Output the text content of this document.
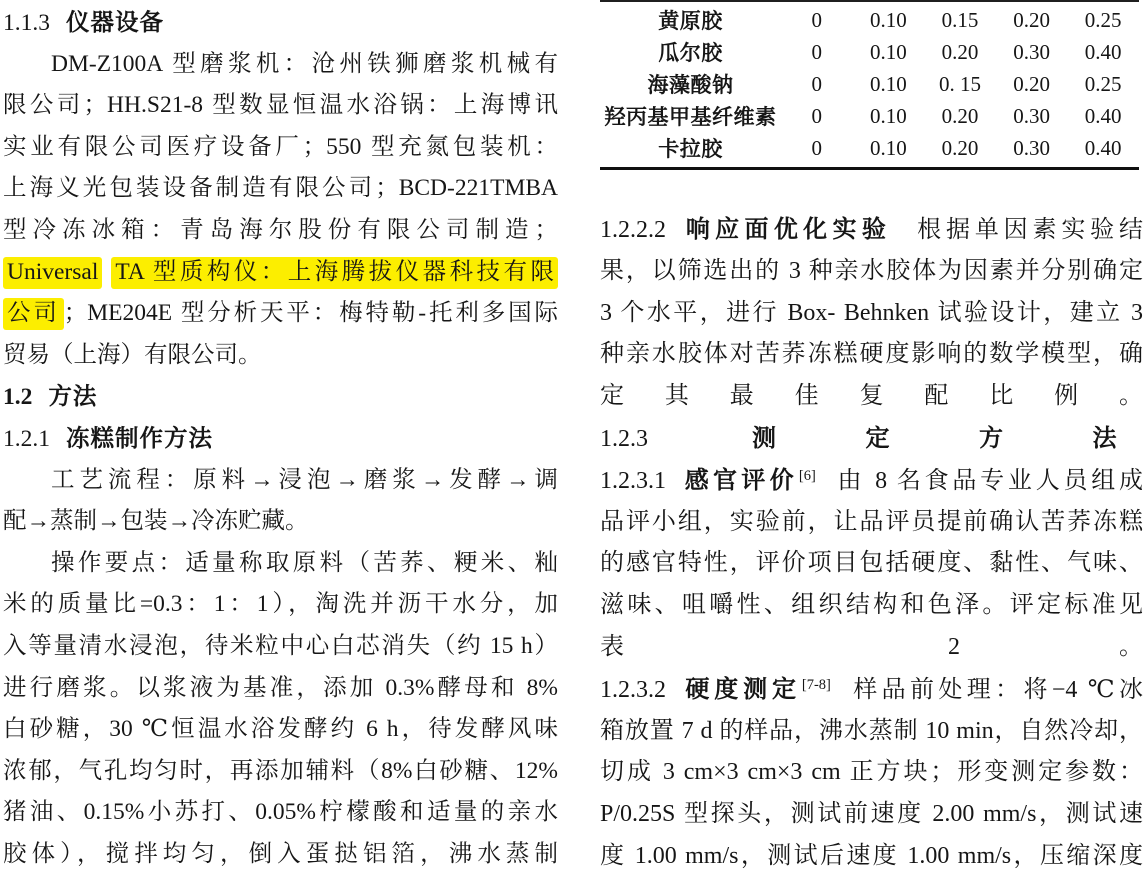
1.1.3 仪器设备
DM-Z100A 型磨浆机：沧州铁狮磨浆机械有
限公司；HH.S21-8 型数显恒温水浴锅：上海博讯
实业有限公司医疗设备厂；550 型充氮包装机：
上海义光包装设备制造有限公司；BCD-221TMBA
型冷冻冰箱：青岛海尔股份有限公司制造；
Universal TA 型质构仪：上海腾拔仪器科技有限
公司 ；ME204E 型分析天平：梅特勒-托利多国际
贸易（上海）有限公司。
1.2 方法
1.2.1 冻糕制作方法
工艺流程：原料→浸泡→磨浆→发酵→调
配→蒸制→包装→冷冻贮藏。
操作要点：适量称取原料（苦荞、粳米、籼
米的质量比=0.3：1：1），淘洗并沥干水分，加
入等量清水浸泡，待米粒中心白芯消失（约 15 h）
进行磨浆。以浆液为基准，添加 0.3%酵母和 8%
白砂糖，30 ℃恒温水浴发酵约 6 h，待发酵风味
浓郁，气孔均匀时，再添加辅料（8%白砂糖、12%
猪油、0.15%小苏打、0.05%柠檬酸和适量的亲水
胶体），搅拌均匀，倒入蛋挞铝箔，沸水蒸制
黄原胶	0	0.10	0.15	0.20	0.25
瓜尔胶	0	0.10	0.20	0.30	0.40
海藻酸钠	0	0.10	0. 15	0.20	0.25
羟丙基甲基纤维素	0	0.10	0.20	0.30	0.40
卡拉胶	0	0.10	0.20	0.30	0.40
1.2.2.2 响应面优化实验 根据单因素实验结
果，以筛选出的 3 种亲水胶体为因素并分别确定
3 个水平，进行 Box- Behnken 试验设计，建立 3
种亲水胶体对苦荞冻糕硬度影响的数学模型，确
定其最佳复配比例。
1.2.3 测定方法
1.2.3.1 感官评价[6] 由 8 名食品专业人员组成
品评小组，实验前，让品评员提前确认苦荞冻糕
的感官特性，评价项目包括硬度、黏性、气味、
滋味、咀嚼性、组织结构和色泽。评定标准见
表 2。
1.2.3.2 硬度测定[7-8] 样品前处理：将−4 ℃冰
箱放置 7 d 的样品，沸水蒸制 10 min，自然冷却，
切成 3 cm×3 cm×3 cm 正方块；形变测定参数：
P/0.25S 型探头，测试前速度 2.00 mm/s，测试速
度 1.00 mm/s，测试后速度 1.00 mm/s，压缩深度
